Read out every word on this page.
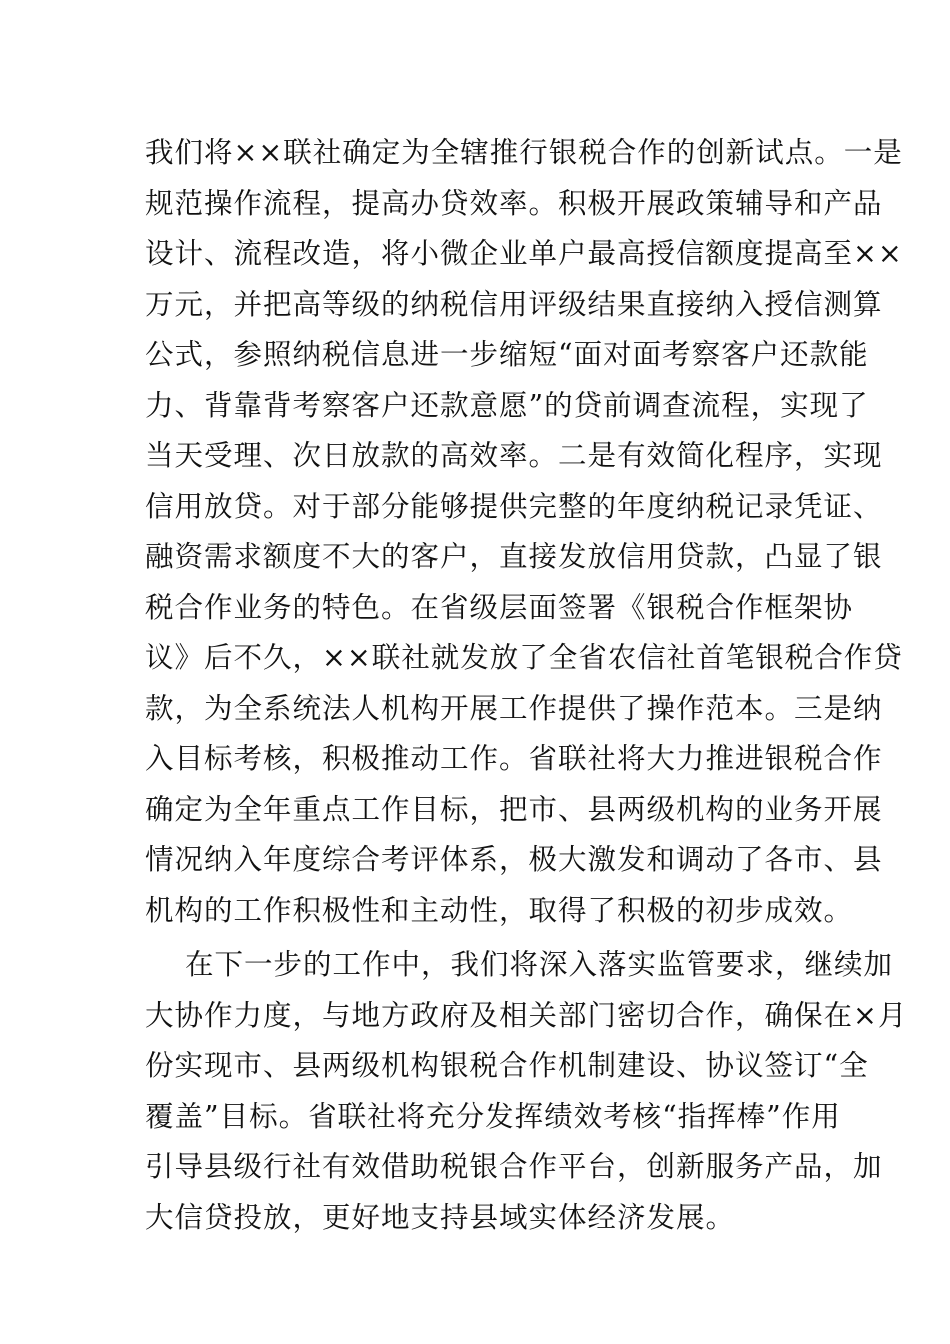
我们将××联社确定为全辖推行银税合作的创新试点。一是
规范操作流程，提高办贷效率。积极开展政策辅导和产品
设计、流程改造，将小微企业单户最高授信额度提高至××
万元，并把高等级的纳税信用评级结果直接纳入授信测算
公式，参照纳税信息进一步缩短“面对面考察客户还款能
力、背靠背考察客户还款意愿”的贷前调查流程，实现了
当天受理、次日放款的高效率。二是有效简化程序，实现
信用放贷。对于部分能够提供完整的年度纳税记录凭证、
融资需求额度不大的客户，直接发放信用贷款，凸显了银
税合作业务的特色。在省级层面签署《银税合作框架协
议》后不久，××联社就发放了全省农信社首笔银税合作贷
款，为全系统法人机构开展工作提供了操作范本。三是纳
入目标考核，积极推动工作。省联社将大力推进银税合作
确定为全年重点工作目标，把市、县两级机构的业务开展
情况纳入年度综合考评体系，极大激发和调动了各市、县
机构的工作积极性和主动性，取得了积极的初步成效。
在下一步的工作中，我们将深入落实监管要求，继续加
大协作力度，与地方政府及相关部门密切合作，确保在×月
份实现市、县两级机构银税合作机制建设、协议签订“全
覆盖”目标。省联社将充分发挥绩效考核“指挥棒”作用
引导县级行社有效借助税银合作平台，创新服务产品，加
大信贷投放，更好地支持县域实体经济发展。
